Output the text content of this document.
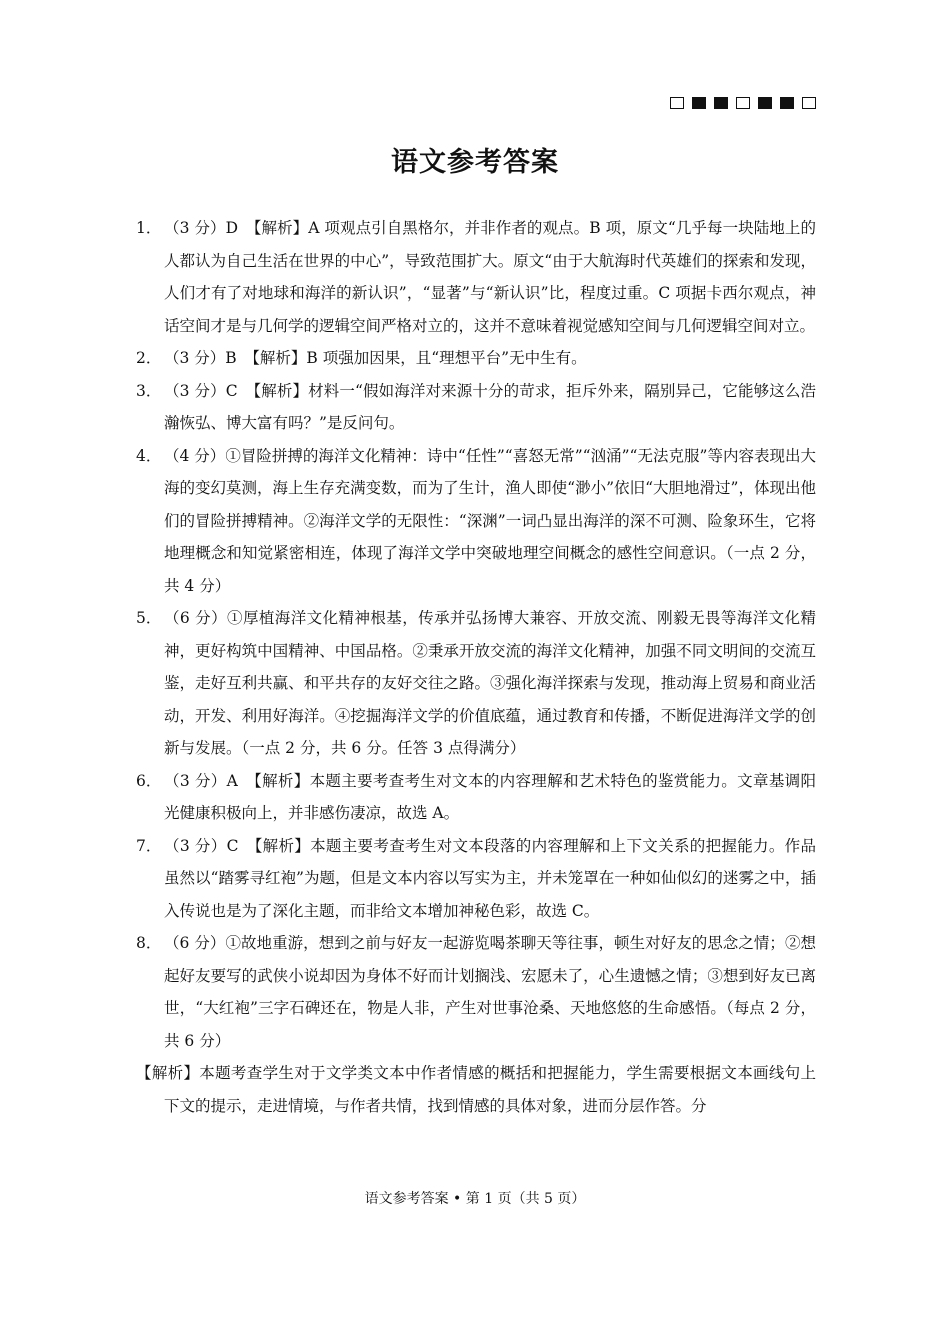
语文参考答案
1． （3 分）D　【解析】A 项观点引自黑格尔，并非作者的观点。B 项，原文“几乎每一块陆地上的人都认为自己生活在世界的中心”，导致范围扩大。原文“由于大航海时代英雄们的探索和发现，人们才有了对地球和海洋的新认识”，“显著”与“新认识”比，程度过重。C 项据卡西尔观点，神话空间才是与几何学的逻辑空间严格对立的，这并不意味着视觉感知空间与几何逻辑空间对立。
2． （3 分）B　【解析】B 项强加因果，且“理想平台”无中生有。
3． （3 分）C　【解析】材料一“假如海洋对来源十分的苛求，拒斥外来，隔别异己，它能够这么浩瀚恢弘、博大富有吗？”是反问句。
4． （4 分）①冒险拼搏的海洋文化精神：诗中“任性”“喜怒无常”“汹涌”“无法克服”等内容表现出大海的变幻莫测，海上生存充满变数，而为了生计，渔人即使“渺小”依旧“大胆地滑过”，体现出他们的冒险拼搏精神。②海洋文学的无限性：“深渊”一词凸显出海洋的深不可测、险象环生，它将地理概念和知觉紧密相连，体现了海洋文学中突破地理空间概念的感性空间意识。（一点 2 分，共 4 分）
5． （6 分）①厚植海洋文化精神根基，传承并弘扬博大兼容、开放交流、刚毅无畏等海洋文化精神，更好构筑中国精神、中国品格。②秉承开放交流的海洋文化精神，加强不同文明间的交流互鉴，走好互利共赢、和平共存的友好交往之路。③强化海洋探索与发现，推动海上贸易和商业活动，开发、利用好海洋。④挖掘海洋文学的价值底蕴，通过教育和传播，不断促进海洋文学的创新与发展。（一点 2 分，共 6 分。任答 3 点得满分）
6． （3 分）A　【解析】本题主要考查考生对文本的内容理解和艺术特色的鉴赏能力。文章基调阳光健康积极向上，并非感伤凄凉，故选 A。
7． （3 分）C　【解析】本题主要考查考生对文本段落的内容理解和上下文关系的把握能力。作品虽然以“踏雾寻红袍”为题，但是文本内容以写实为主，并未笼罩在一种如仙似幻的迷雾之中，插入传说也是为了深化主题，而非给文本增加神秘色彩，故选 C。
8． （6 分）①故地重游，想到之前与好友一起游览喝茶聊天等往事，顿生对好友的思念之情；②想起好友要写的武侠小说却因为身体不好而计划搁浅、宏愿未了，心生遗憾之情；③想到好友已离世，“大红袍”三字石碑还在，物是人非，产生对世事沧桑、天地悠悠的生命感悟。（每点 2 分，共 6 分）
【解析】本题考查学生对于文学类文本中作者情感的概括和把握能力，学生需要根据文本画线句上下文的提示，走进情境，与作者共情，找到情感的具体对象，进而分层作答。分
语文参考答案 • 第 1 页（共 5 页）
